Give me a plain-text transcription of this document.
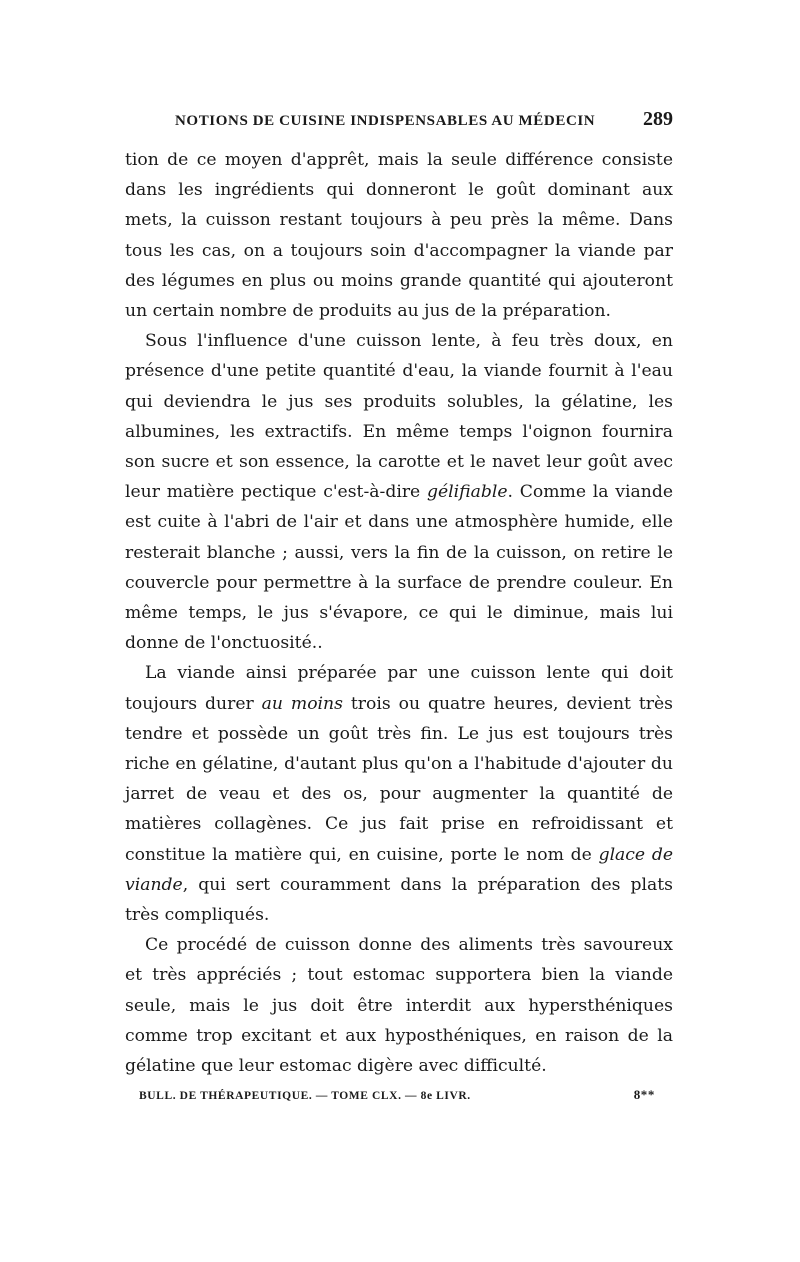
NOTIONS DE CUISINE INDISPENSABLES AU MÉDECIN 289

tion de ce moyen d'apprêt, mais la seule différence consiste dans les ingrédients qui donneront le goût dominant aux mets, la cuisson restant toujours à peu près la même. Dans tous les cas, on a toujours soin d'accompagner la viande par des légumes en plus ou moins grande quantité qui ajouteront un certain nombre de produits au jus de la préparation.

Sous l'influence d'une cuisson lente, à feu très doux, en présence d'une petite quantité d'eau, la viande fournit à l'eau qui deviendra le jus ses produits solubles, la gélatine, les albumines, les extractifs. En même temps l'oignon fournira son sucre et son essence, la carotte et le navet leur goût avec leur matière pectique c'est-à-dire gélifiable. Comme la viande est cuite à l'abri de l'air et dans une atmosphère humide, elle resterait blanche ; aussi, vers la fin de la cuisson, on retire le couvercle pour permettre à la surface de prendre couleur. En même temps, le jus s'évapore, ce qui le diminue, mais lui donne de l'onctuosité..

La viande ainsi préparée par une cuisson lente qui doit toujours durer au moins trois ou quatre heures, devient très tendre et possède un goût très fin. Le jus est toujours très riche en gélatine, d'autant plus qu'on a l'habitude d'ajouter du jarret de veau et des os, pour augmenter la quantité de matières collagènes. Ce jus fait prise en refroidissant et constitue la matière qui, en cuisine, porte le nom de glace de viande, qui sert couramment dans la préparation des plats très compliqués.

Ce procédé de cuisson donne des aliments très savoureux et très appréciés ; tout estomac supportera bien la viande seule, mais le jus doit être interdit aux hypersthéniques comme trop excitant et aux hyposthéniques, en raison de la gélatine que leur estomac digère avec difficulté.

BULL. DE THÉRAPEUTIQUE. — TOME CLX. — 8e LIVR.	8**
